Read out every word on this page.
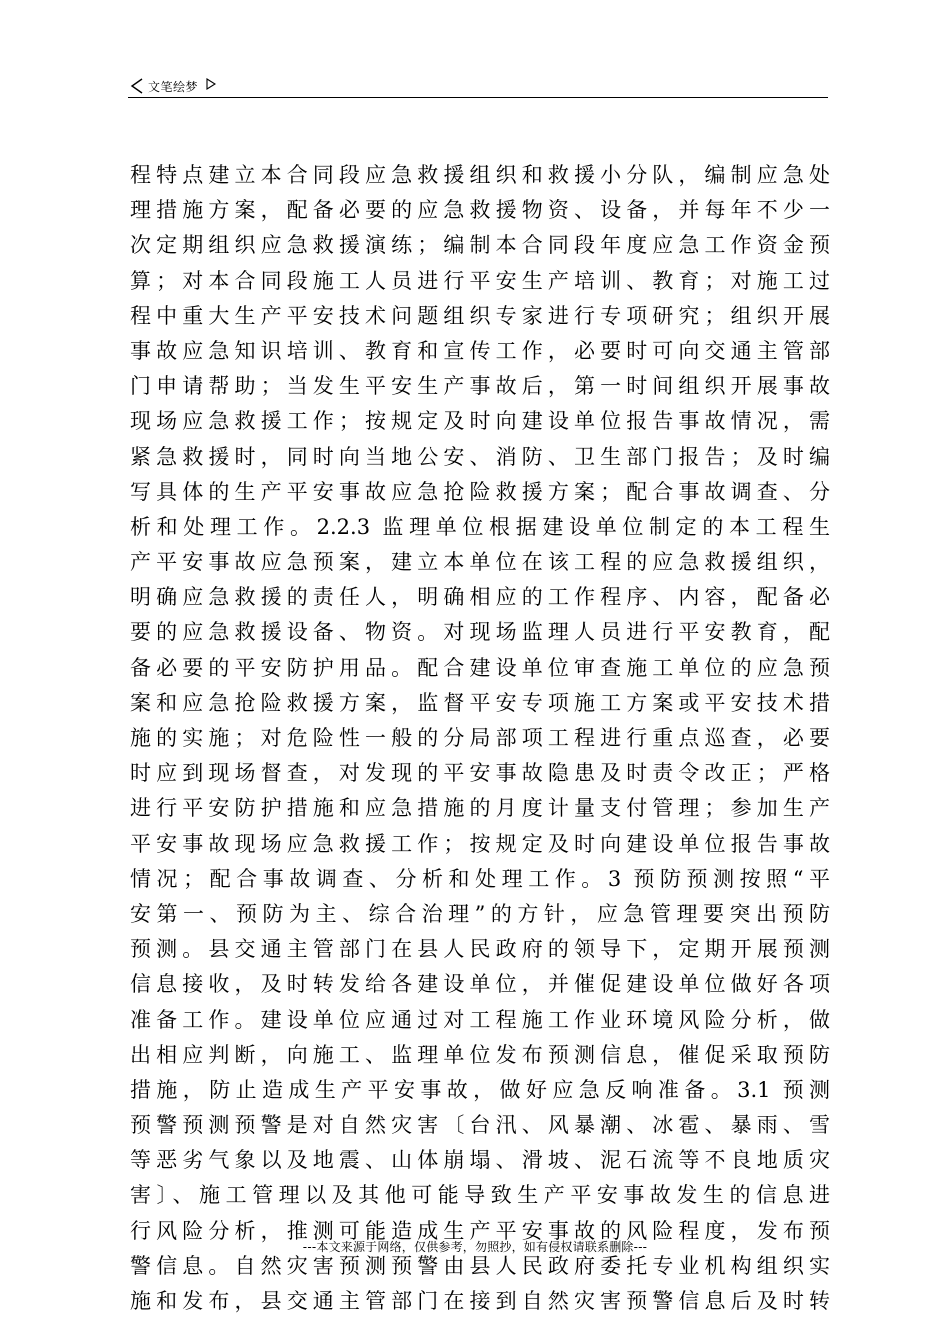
文笔绘梦
程特点建立本合同段应急救援组织和救援小分队，编制应急处
理措施方案，配备必要的应急救援物资、设备，并每年不少一
次定期组织应急救援演练；编制本合同段年度应急工作资金预
算；对本合同段施工人员进行平安生产培训、教育；对施工过
程中重大生产平安技术问题组织专家进行专项研究；组织开展
事故应急知识培训、教育和宣传工作，必要时可向交通主管部
门申请帮助；当发生平安生产事故后，第一时间组织开展事故
现场应急救援工作；按规定及时向建设单位报告事故情况，需
紧急救援时，同时向当地公安、消防、卫生部门报告；及时编
写具体的生产平安事故应急抢险救援方案；配合事故调查、分
析和处理工作。2.2.3 监理单位根据建设单位制定的本工程生
产平安事故应急预案，建立本单位在该工程的应急救援组织，
明确应急救援的责任人，明确相应的工作程序、内容，配备必
要的应急救援设备、物资。对现场监理人员进行平安教育，配
备必要的平安防护用品。配合建设单位审查施工单位的应急预
案和应急抢险救援方案，监督平安专项施工方案或平安技术措
施的实施；对危险性一般的分局部项工程进行重点巡查，必要
时应到现场督查，对发现的平安事故隐患及时责令改正；严格
进行平安防护措施和应急措施的月度计量支付管理；参加生产
平安事故现场应急救援工作；按规定及时向建设单位报告事故
情况；配合事故调查、分析和处理工作。3 预防预测按照“平
安第一、预防为主、综合治理”的方针，应急管理要突出预防
预测。县交通主管部门在县人民政府的领导下，定期开展预测
信息接收，及时转发给各建设单位，并催促建设单位做好各项
准备工作。建设单位应通过对工程施工作业环境风险分析，做
出相应判断，向施工、监理单位发布预测信息，催促采取预防
措施，防止造成生产平安事故，做好应急反响准备。3.1 预测
预警预测预警是对自然灾害〔台汛、风暴潮、冰雹、暴雨、雪
等恶劣气象以及地震、山体崩塌、滑坡、泥石流等不良地质灾
害〕、施工管理以及其他可能导致生产平安事故发生的信息进
行风险分析，推测可能造成生产平安事故的风险程度，发布预
警信息。自然灾害预测预警由县人民政府委托专业机构组织实
施和发布，县交通主管部门在接到自然灾害预警信息后及时转
---本文来源于网络，仅供参考，勿照抄，如有侵权请联系删除---
